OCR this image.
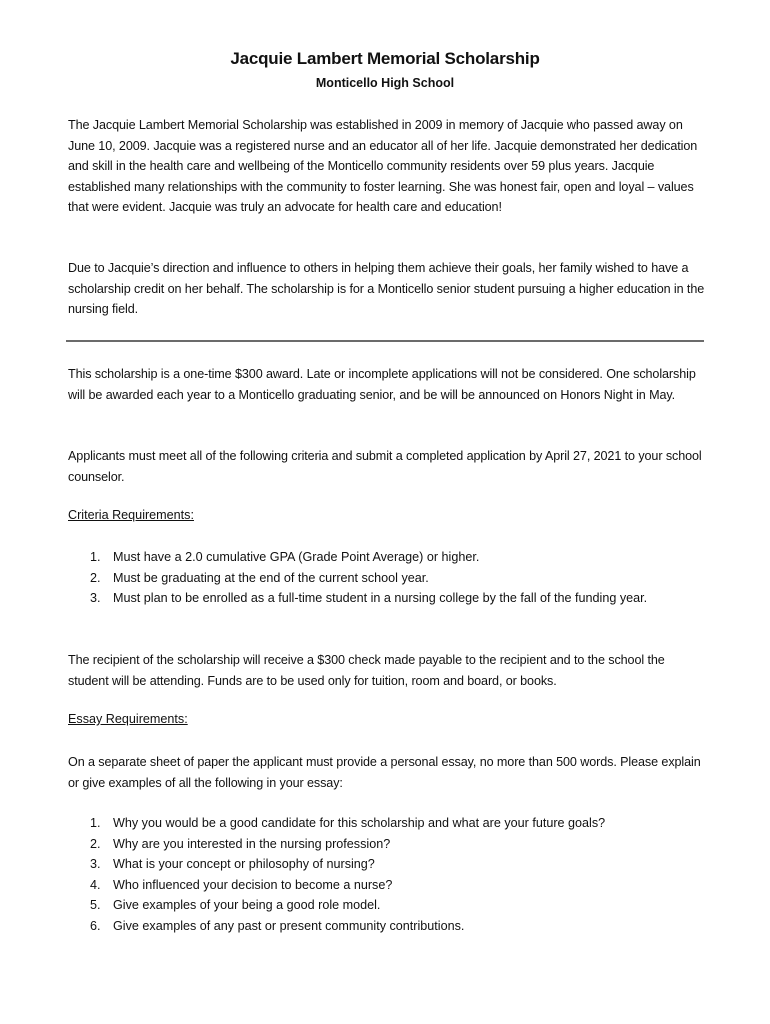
Jacquie Lambert Memorial Scholarship
Monticello High School

The Jacquie Lambert Memorial Scholarship was established in 2009 in memory of Jacquie who passed away on June 10, 2009. Jacquie was a registered nurse and an educator all of her life. Jacquie demonstrated her dedication and skill in the health care and wellbeing of the Monticello community residents over 59 plus years. Jacquie established many relationships with the community to foster learning. She was honest fair, open and loyal – values that were evident. Jacquie was truly an advocate for health care and education!

Due to Jacquie’s direction and influence to others in helping them achieve their goals, her family wished to have a scholarship credit on her behalf. The scholarship is for a Monticello senior student pursuing a higher education in the nursing field.

This scholarship is a one-time $300 award. Late or incomplete applications will not be considered. One scholarship will be awarded each year to a Monticello graduating senior, and be will be announced on Honors Night in May.

Applicants must meet all of the following criteria and submit a completed application by April 27, 2021 to your school counselor.

Criteria Requirements:
1. Must have a 2.0 cumulative GPA (Grade Point Average) or higher.
2. Must be graduating at the end of the current school year.
3. Must plan to be enrolled as a full-time student in a nursing college by the fall of the funding year.

The recipient of the scholarship will receive a $300 check made payable to the recipient and to the school the student will be attending. Funds are to be used only for tuition, room and board, or books.

Essay Requirements:

On a separate sheet of paper the applicant must provide a personal essay, no more than 500 words. Please explain or give examples of all the following in your essay:

1. Why you would be a good candidate for this scholarship and what are your future goals?
2. Why are you interested in the nursing profession?
3. What is your concept or philosophy of nursing?
4. Who influenced your decision to become a nurse?
5. Give examples of your being a good role model.
6. Give examples of any past or present community contributions.
